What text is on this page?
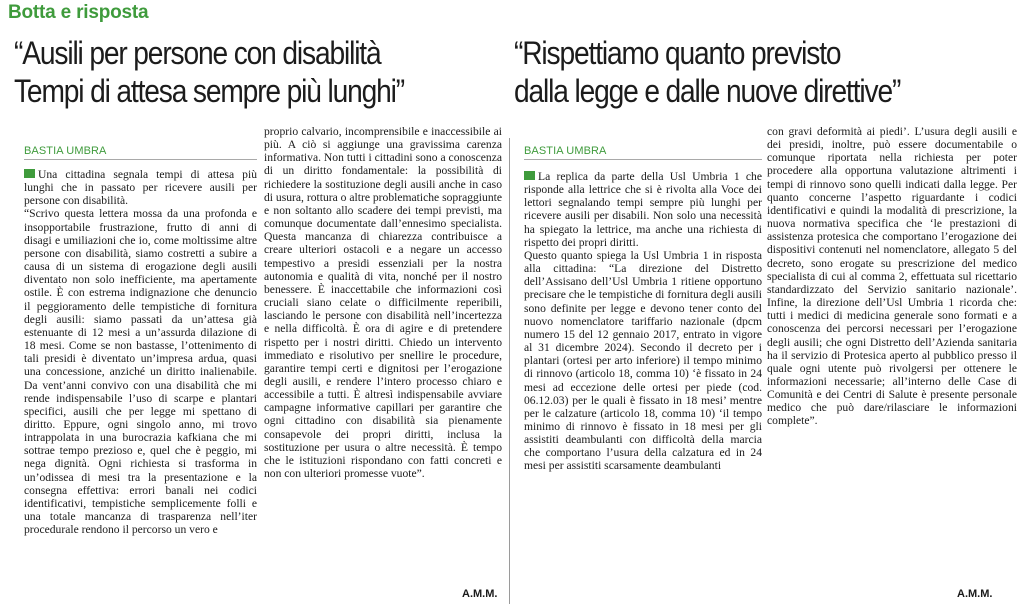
Botta e risposta
“Ausili per persone con disabilità
Tempi di attesa sempre più lunghi”
“Rispettiamo quanto previsto
dalla legge e dalle nuove direttive”
BASTIA UMBRA	BASTIA UMBRA

Una cittadina segnala tempi di attesa più lunghi che in passato per ricevere ausili per persone con disabilità.
“Scrivo questa lettera mossa da una profonda e insopportabile frustrazione, frutto di anni di disagi e umiliazioni che io, come moltissime altre persone con disabilità, siamo costretti a subire a causa di un sistema di erogazione degli ausili diventato non solo inefficiente, ma apertamente ostile. È con estrema indignazione che denuncio il peggioramento delle tempistiche di fornitura degli ausili: siamo passati da un’attesa già estenuante di 12 mesi a un’assurda dilazione di 18 mesi. Come se non bastasse, l’ottenimento di tali presidi è diventato un’impresa ardua, quasi una concessione, anziché un diritto inalienabile. Da vent’anni convivo con una disabilità che mi rende indispensabile l’uso di scarpe e plantari specifici, ausili che per legge mi spettano di diritto. Eppure, ogni singolo anno, mi trovo intrappolata in una burocrazia kafkiana che mi sottrae tempo prezioso e, quel che è peggio, mi nega dignità. Ogni richiesta si trasforma in un’odissea di mesi tra la presentazione e la consegna effettiva: errori banali nei codici identificativi, tempistiche semplicemente folli e una totale mancanza di trasparenza nell’iter procedurale rendono il percorso un vero e

proprio calvario, incomprensibile e inaccessibile ai più. A ciò si aggiunge una gravissima carenza informativa. Non tutti i cittadini sono a conoscenza di un diritto fondamentale: la possibilità di richiedere la sostituzione degli ausili anche in caso di usura, rottura o altre problematiche sopraggiunte e non soltanto allo scadere dei tempi previsti, ma comunque documentate dall’ennesimo specialista. Questa mancanza di chiarezza contribuisce a creare ulteriori ostacoli e a negare un accesso tempestivo a presidi essenziali per la nostra autonomia e qualità di vita, nonché per il nostro benessere. È inaccettabile che informazioni così cruciali siano celate o difficilmente reperibili, lasciando le persone con disabilità nell’incertezza e nella difficoltà. È ora di agire e di pretendere rispetto per i nostri diritti. Chiedo un intervento immediato e risolutivo per snellire le procedure, garantire tempi certi e dignitosi per l’erogazione degli ausili, e rendere l’intero processo chiaro e accessibile a tutti. È altresì indispensabile avviare campagne informative capillari per garantire che ogni cittadino con disabilità sia pienamente consapevole dei propri diritti, inclusa la sostituzione per usura o altre necessità. È tempo che le istituzioni rispondano con fatti concreti e non con ulteriori promesse vuote”.

La replica da parte della Usl Umbria 1 che risponde alla lettrice che si è rivolta alla Voce dei lettori segnalando tempi sempre più lunghi per ricevere ausili per disabili. Non solo una necessità ha spiegato la lettrice, ma anche una richiesta di rispetto dei propri diritti.
Questo quanto spiega la Usl Umbria 1 in risposta alla cittadina: “La direzione del Distretto dell’Assisano dell’Usl Umbria 1 ritiene opportuno precisare che le tempistiche di fornitura degli ausili sono definite per legge e devono tener conto del nuovo nomenclatore tariffario nazionale (dpcm numero 15 del 12 gennaio 2017, entrato in vigore al 31 dicembre 2024). Secondo il decreto per i plantari (ortesi per arto inferiore) il tempo minimo di rinnovo (articolo 18, comma 10) ‘è fissato in 24 mesi ad eccezione delle ortesi per piede (cod. 06.12.03) per le quali è fissato in 18 mesi’ mentre per le calzature (articolo 18, comma 10) ‘il tempo minimo di rinnovo è fissato in 18 mesi per gli assistiti deambulanti con difficoltà della marcia che comportano l’usura della calzatura ed in 24 mesi per assistiti scarsamente deambulanti

con gravi deformità ai piedi’. L’usura degli ausili e dei presidi, inoltre, può essere documentabile o comunque riportata nella richiesta per poter procedere alla opportuna valutazione altrimenti i tempi di rinnovo sono quelli indicati dalla legge. Per quanto concerne l’aspetto riguardante i codici identificativi e quindi la modalità di prescrizione, la nuova normativa specifica che ‘le prestazioni di assistenza protesica che comportano l’erogazione dei dispositivi contenuti nel nomenclatore, allegato 5 del decreto, sono erogate su prescrizione del medico specialista di cui al comma 2, effettuata sul ricettario standardizzato del Servizio sanitario nazionale’. Infine, la direzione dell’Usl Umbria 1 ricorda che: tutti i medici di medicina generale sono formati e a conoscenza dei percorsi necessari per l’erogazione degli ausili; che ogni Distretto dell’Azienda sanitaria ha il servizio di Protesica aperto al pubblico presso il quale ogni utente può rivolgersi per ottenere le informazioni necessarie; all’interno delle Case di Comunità e dei Centri di Salute è presente personale medico che può dare/rilasciare le informazioni complete”.

A.M.M.	A.M.M.
